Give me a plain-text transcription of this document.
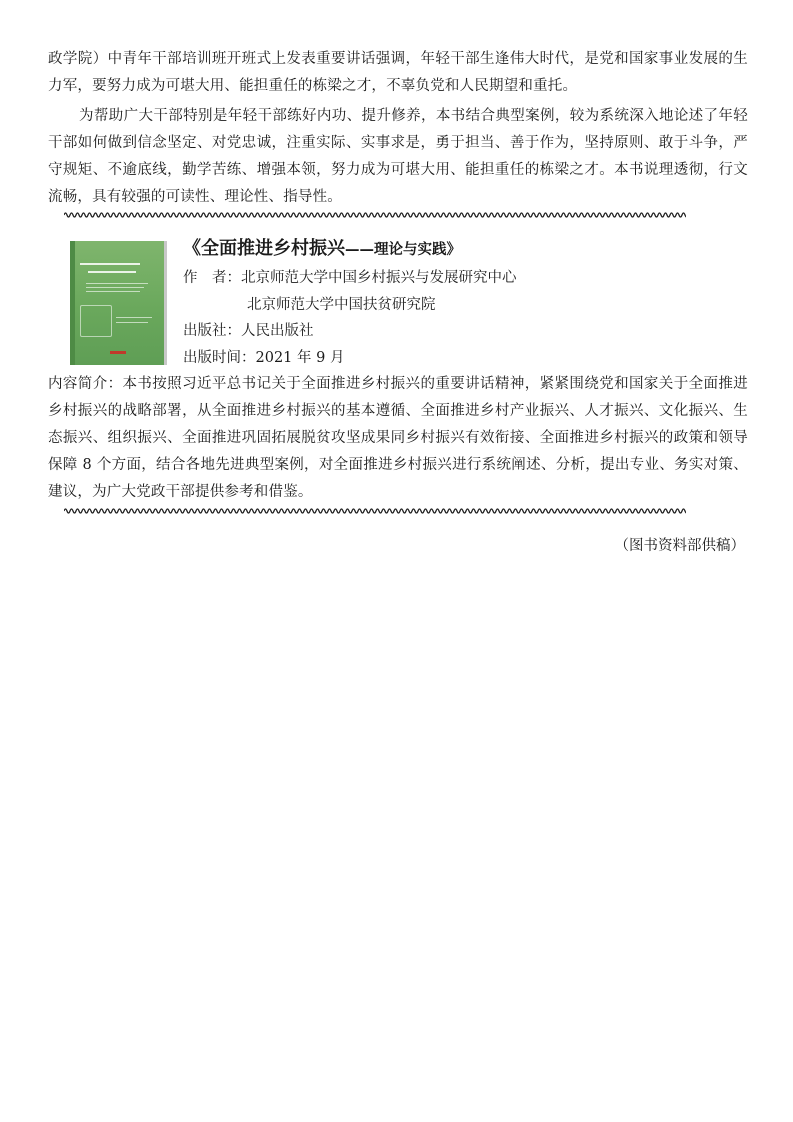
政学院）中青年干部培训班开班式上发表重要讲话强调，年轻干部生逢伟大时代，是党和国家事业发展的生力军，要努力成为可堪大用、能担重任的栋梁之才，不辜负党和人民期望和重托。

为帮助广大干部特别是年轻干部练好内功、提升修养，本书结合典型案例，较为系统深入地论述了年轻干部如何做到信念坚定、对党忠诚，注重实际、实事求是，勇于担当、善于作为，坚持原则、敢于斗争，严守规矩、不逾底线，勤学苦练、增强本领，努力成为可堪大用、能担重任的栋梁之才。本书说理透彻，行文流畅，具有较强的可读性、理论性、指导性。

《全面推进乡村振兴——理论与实践》
作　者：北京师范大学中国乡村振兴与发展研究中心
北京师范大学中国扶贫研究院
出版社：人民出版社
出版时间：2021 年 9 月

内容简介：本书按照习近平总书记关于全面推进乡村振兴的重要讲话精神，紧紧围绕党和国家关于全面推进乡村振兴的战略部署，从全面推进乡村振兴的基本遵循、全面推进乡村产业振兴、人才振兴、文化振兴、生态振兴、组织振兴、全面推进巩固拓展脱贫攻坚成果同乡村振兴有效衔接、全面推进乡村振兴的政策和领导保障 8 个方面，结合各地先进典型案例，对全面推进乡村振兴进行系统阐述、分析，提出专业、务实对策、建议，为广大党政干部提供参考和借鉴。

（图书资料部供稿）
